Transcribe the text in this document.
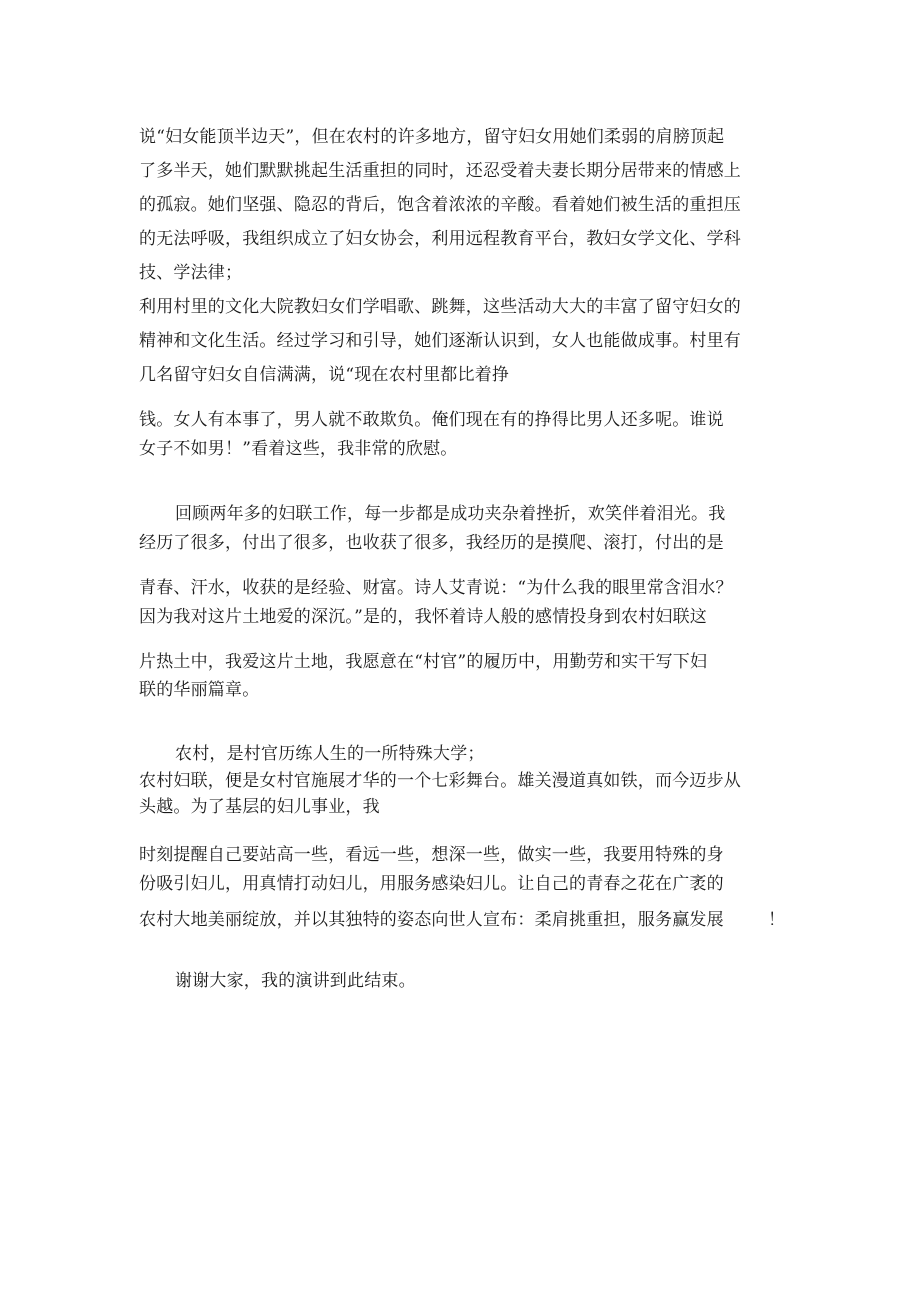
说“妇女能顶半边天”，但在农村的许多地方，留守妇女用她们柔弱的肩膀顶起
了多半天，她们默默挑起生活重担的同时，还忍受着夫妻长期分居带来的情感上
的孤寂。她们坚强、隐忍的背后，饱含着浓浓的辛酸。看着她们被生活的重担压
的无法呼吸，我组织成立了妇女协会，利用远程教育平台，教妇女学文化、学科
技、学法律；
利用村里的文化大院教妇女们学唱歌、跳舞，这些活动大大的丰富了留守妇女的
精神和文化生活。经过学习和引导，她们逐渐认识到，女人也能做成事。村里有
几名留守妇女自信满满，说“现在农村里都比着挣
钱。女人有本事了，男人就不敢欺负。俺们现在有的挣得比男人还多呢。谁说
女子不如男！”看着这些，我非常的欣慰。
回顾两年多的妇联工作，每一步都是成功夹杂着挫折，欢笑伴着泪光。我
经历了很多，付出了很多，也收获了很多，我经历的是摸爬、滚打，付出的是
青春、汗水，收获的是经验、财富。诗人艾青说：“为什么我的眼里常含泪水？
因为我对这片土地爱的深沉。”是的，我怀着诗人般的感情投身到农村妇联这
片热土中，我爱这片土地，我愿意在“村官”的履历中，用勤劳和实干写下妇
联的华丽篇章。
农村，是村官历练人生的一所特殊大学；
农村妇联，便是女村官施展才华的一个七彩舞台。雄关漫道真如铁，而今迈步从
头越。为了基层的妇儿事业，我
时刻提醒自己要站高一些，看远一些，想深一些，做实一些，我要用特殊的身
份吸引妇儿，用真情打动妇儿，用服务感染妇儿。让自己的青春之花在广袤的
农村大地美丽绽放，并以其独特的姿态向世人宣布：柔肩挑重担，服务赢发展	！
谢谢大家，我的演讲到此结束。
